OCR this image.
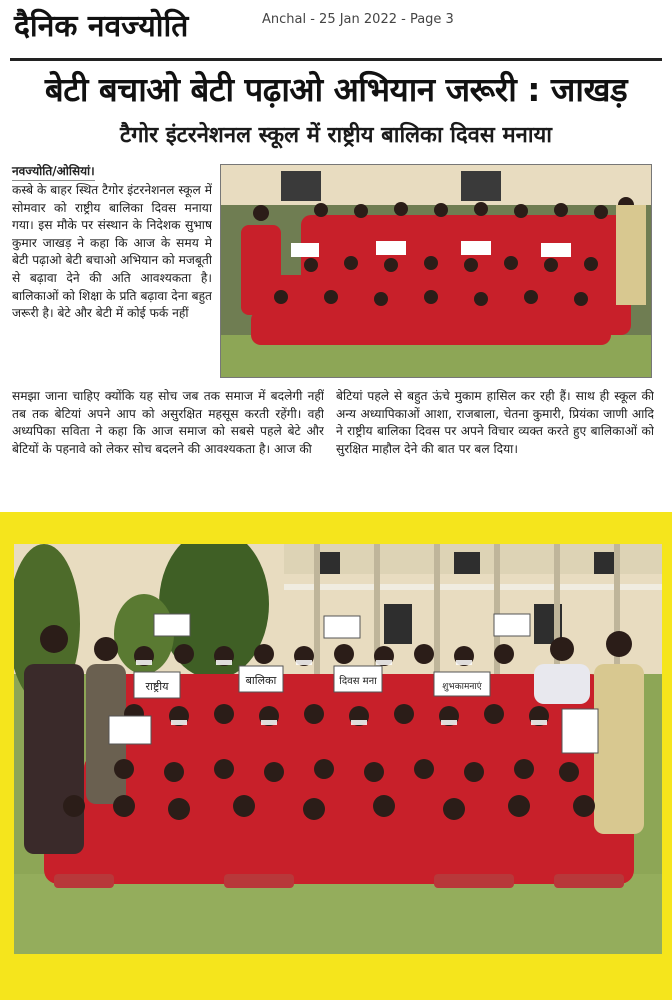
दैनिक नवज्योति	Anchal - 25 Jan 2022 - Page 3
बेटी बचाओ बेटी पढ़ाओ अभियान जरूरी : जाखड़
टैगोर इंटरनेशनल स्कूल में राष्ट्रीय बालिका दिवस मनाया
नवज्योति/ओसियां।
कस्बे के बाहर स्थित टैगोर इंटरनेशनल स्कूल में सोमवार को राष्ट्रीय बालिका दिवस मनाया गया। इस मौके पर संस्थान के निदेशक सुभाष कुमार जाखड़ ने कहा कि आज के समय मे बेटी पढ़ाओ बेटी बचाओ अभियान को मजबूती से बढ़ावा देने की अति आवश्यकता है। बालिकाओं को शिक्षा के प्रति बढ़ावा देना बहुत जरूरी है। बेटे और बेटी में कोई फर्क नहीं
समझा जाना चाहिए क्योंकि यह सोच जब तक समाज में बदलेगी नहीं तब तक बेटियां अपने आप को असुरक्षित महसूस करती रहेंगी। वही अध्यपिका सविता ने कहा कि आज समाज को सबसे पहले बेटे और बेटियों के पहनावे को लेकर सोच बदलने की आवश्यकता है। आज की
बेटियां पहले से बहुत ऊंचे मुकाम हासिल कर रही हैं। साथ ही स्कूल की अन्य अध्यापिकाओं आशा, राजबाला, चेतना कुमारी, प्रियंका जाणी आदि ने राष्ट्रीय बालिका दिवस पर अपने विचार व्यक्त करते हुए बालिकाओं को सुरक्षित माहौल देने की बात पर बल दिया।
राष्ट्रीय	बालिका	दिवस मना	शुभकामनाएं
